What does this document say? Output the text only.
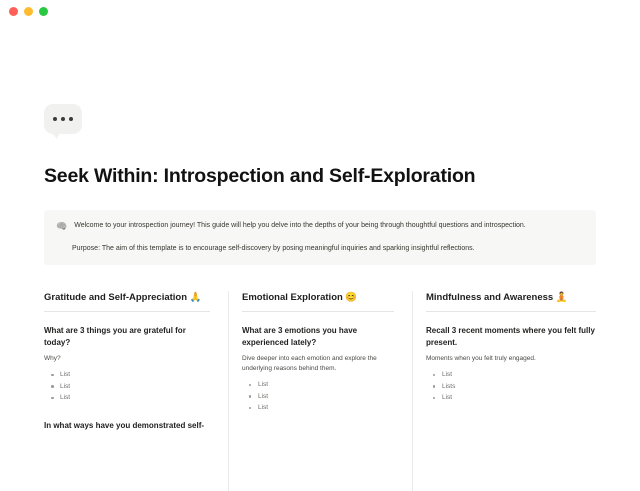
Seek Within: Introspection and Self-Exploration
🧠 Welcome to your introspection journey! This guide will help you delve into the depths of your being through thoughtful questions and introspection.
Purpose: The aim of this template is to encourage self-discovery by posing meaningful inquiries and sparking insightful reflections.
Gratitude and Self-Appreciation 🙏
What are 3 things you are grateful for today?

Why?

List
List
List
In what ways have you demonstrated self-
Emotional Exploration 😊
What are 3 emotions you have experienced lately?

Dive deeper into each emotion and explore the underlying reasons behind them.

List
List
List
Mindfulness and Awareness 🧘
Recall 3 recent moments where you felt fully present.

Moments when you felt truly engaged.

List
Lists
List
